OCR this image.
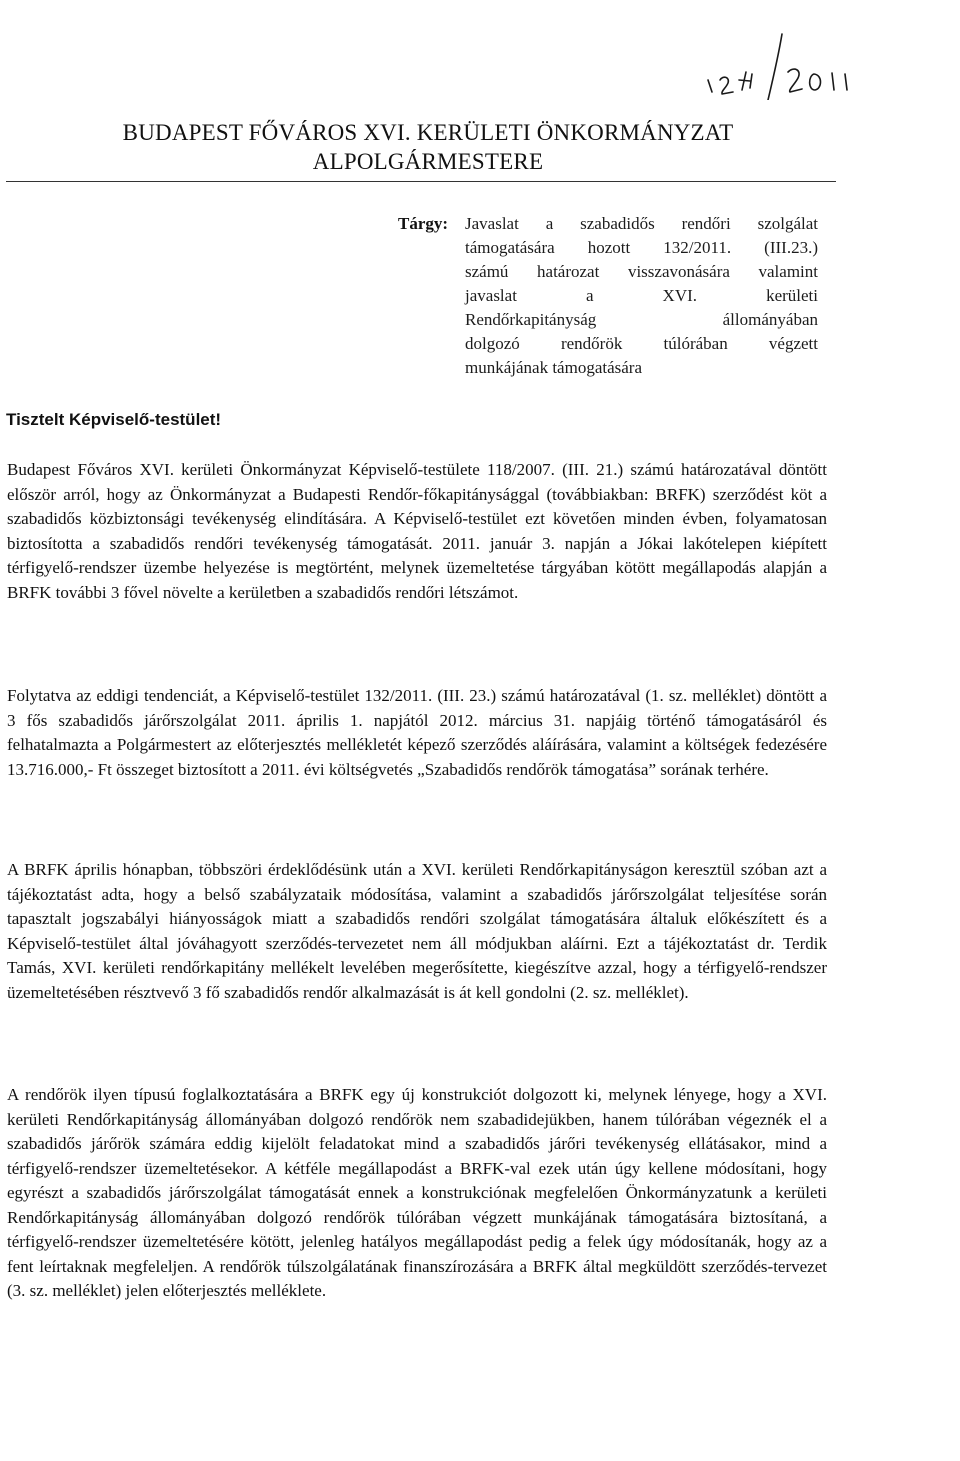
BUDAPEST FŐVÁROS XVI. KERÜLETI ÖNKORMÁNYZAT
ALPOLGÁRMESTERE
Tárgy: Javaslat a szabadidős rendőri szolgálat
támogatására hozott 132/2011. (III.23.)
számú határozat visszavonására valamint
javaslat a XVI. kerületi
Rendőrkapitányság állományában
dolgozó rendőrök túlórában végzett
munkájának támogatására
Tisztelt Képviselő-testület!

Budapest Főváros XVI. kerületi Önkormányzat Képviselő-testülete 118/2007. (III. 21.) számú határozatával döntött először arról, hogy az Önkormányzat a Budapesti Rendőr-főkapitánysággal (továbbiakban: BRFK) szerződést köt a szabadidős közbiztonsági tevékenység elindítására. A Képviselő-testület ezt követően minden évben, folyamatosan biztosította a szabadidős rendőri tevékenység támogatását. 2011. január 3. napján a Jókai lakótelepen kiépített térfigyelő-rendszer üzembe helyezése is megtörtént, melynek üzemeltetése tárgyában kötött megállapodás alapján a BRFK további 3 fővel növelte a kerületben a szabadidős rendőri létszámot.

Folytatva az eddigi tendenciát, a Képviselő-testület 132/2011. (III. 23.) számú határozatával (1. sz. melléklet) döntött a 3 fős szabadidős járőrszolgálat 2011. április 1. napjától 2012. március 31. napjáig történő támogatásáról és felhatalmazta a Polgármestert az előterjesztés mellékletét képező szerződés aláírására, valamint a költségek fedezésére 13.716.000,- Ft összeget biztosított a 2011. évi költségvetés „Szabadidős rendőrök támogatása” sorának terhére.

A BRFK április hónapban, többszöri érdeklődésünk után a XVI. kerületi Rendőrkapitányságon keresztül szóban azt a tájékoztatást adta, hogy a belső szabályzataik módosítása, valamint a szabadidős járőrszolgálat teljesítése során tapasztalt jogszabályi hiányosságok miatt a szabadidős rendőri szolgálat támogatására általuk előkészített és a Képviselő-testület által jóváhagyott szerződés-tervezetet nem áll módjukban aláírni. Ezt a tájékoztatást dr. Terdik Tamás, XVI. kerületi rendőrkapitány mellékelt levelében megerősítette, kiegészítve azzal, hogy a térfigyelő-rendszer üzemeltetésében résztvevő 3 fő szabadidős rendőr alkalmazását is át kell gondolni (2. sz. melléklet).

A rendőrök ilyen típusú foglalkoztatására a BRFK egy új konstrukciót dolgozott ki, melynek lényege, hogy a XVI. kerületi Rendőrkapitányság állományában dolgozó rendőrök nem szabadidejükben, hanem túlórában végeznék el a szabadidős járőrök számára eddig kijelölt feladatokat mind a szabadidős járőri tevékenység ellátásakor, mind a térfigyelő-rendszer üzemeltetésekor. A kétféle megállapodást a BRFK-val ezek után úgy kellene módosítani, hogy egyrészt a szabadidős járőrszolgálat támogatását ennek a konstrukciónak megfelelően Önkormányzatunk a kerületi Rendőrkapitányság állományában dolgozó rendőrök túlórában végzett munkájának támogatására biztosítaná, a térfigyelő-rendszer üzemeltetésére kötött, jelenleg hatályos megállapodást pedig a felek úgy módosítanák, hogy az a fent leírtaknak megfeleljen. A rendőrök túlszolgálatának finanszírozására a BRFK által megküldött szerződés-tervezet (3. sz. melléklet) jelen előterjesztés melléklete.
